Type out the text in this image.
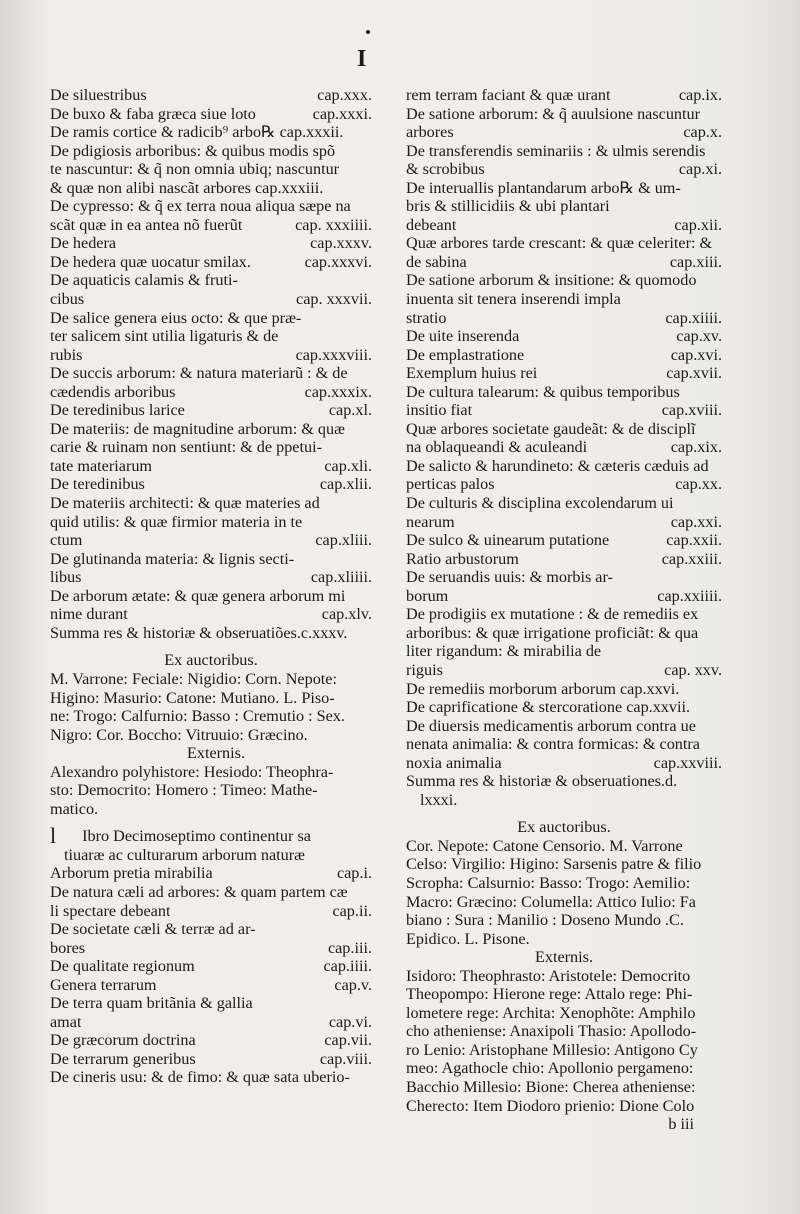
I
De siluestribus	cap.xxx.
De buxo & faba græca siue loto	cap.xxxi.
De ramis cortice & radicib⁹ arbo℞ cap.xxxii.
De pdigiosis arboribus: & quibus modis spõ
te nascuntur: & q̃ non omnia ubiq; nascuntur
& quæ non alibi nascãt arbores cap.xxxiii.
De cypresso: & q̃ ex terra noua aliqua sæpe na
scãt quæ in ea antea nõ fuerũt	cap. xxxiiii.
De hedera	cap.xxxv.
De hedera quæ uocatur smilax.	cap.xxxvi.
De aquaticis calamis & fruti-
cibus	cap. xxxvii.
De salice genera eius octo: & que præ-
ter salicem sint utilia ligaturis & de
rubis	cap.xxxviii.
De succis arborum: & natura materiarũ : & de
cædendis arboribus	cap.xxxix.
De teredinibus larice	cap.xl.
De materiis: de magnitudine arborum: & quæ
carie & ruinam non sentiunt: & de ppetui-
tate materiarum	cap.xli.
De teredinibus	cap.xlii.
De materiis architecti: & quæ materies ad
quid utilis: & quæ firmior materia in te
ctum	cap.xliii.
De glutinanda materia: & lignis secti-
libus	cap.xliiii.
De arborum ætate: & quæ genera arborum mi
nime durant	cap.xlv.
Summa res & historiæ & obseruatiões.c.xxxv.
Ex auctoribus.
M. Varrone: Feciale: Nigidio: Corn. Nepote:
Higino: Masurio: Catone: Mutiano. L. Piso-
ne: Trogo: Calfurnio: Basso : Cremutio : Sex.
Nigro: Cor. Boccho: Vitruuio: Græcino.
Externis.
Alexandro polyhistore: Hesiodo: Theophra-
sto: Democrito: Homero : Timeo: Mathe-
matico.
l	Ibro Decimoseptimo continentur sa
tiuaræ ac culturarum arborum naturæ
Arborum pretia mirabilia	cap.i.
De natura cæli ad arbores: & quam partem cæ
li spectare debeant	cap.ii.
De societate cæli & terræ ad ar-
bores	cap.iii.
De qualitate regionum	cap.iiii.
Genera terrarum	cap.v.
De terra quam britãnia & gallia
amat	cap.vi.
De græcorum doctrina	cap.vii.
De terrarum generibus	cap.viii.
De cineris usu: & de fimo: & quæ sata uberio-
rem terram faciant & quæ urant	cap.ix.
De satione arborum: & q̃ auulsione nascuntur
arbores	cap.x.
De transferendis seminariis : & ulmis serendis
& scrobibus	cap.xi.
De interuallis plantandarum arbo℞ & um-
bris & stillicidiis & ubi plantari
debeant	cap.xii.
Quæ arbores tarde crescant: & quæ celeriter: &
de sabina	cap.xiii.
De satione arborum & insitione: & quomodo
inuenta sit tenera inserendi impla
stratio	cap.xiiii.
De uite inserenda	cap.xv.
De emplastratione	cap.xvi.
Exemplum huius rei	cap.xvii.
De cultura talearum: & quibus temporibus
insitio fiat	cap.xviii.
Quæ arbores societate gaudeãt: & de disciplĩ
na oblaqueandi & aculeandi	cap.xix.
De salicto & harundineto: & cæteris cæduis ad
perticas palos	cap.xx.
De culturis & disciplina excolendarum ui
nearum	cap.xxi.
De sulco & uinearum putatione	cap.xxii.
Ratio arbustorum	cap.xxiii.
De seruandis uuis: & morbis ar-
borum	cap.xxiiii.
De prodigiis ex mutatione : & de remediis ex
arboribus: & quæ irrigatione proficiãt: & qua
liter rigandum: & mirabilia de
riguis	cap. xxv.
De remediis morborum arborum cap.xxvi.
De caprificatione & stercoratione cap.xxvii.
De diuersis medicamentis arborum contra ue
nenata animalia: & contra formicas: & contra
noxia animalia	cap.xxviii.
Summa res & historiæ & obseruationes.d.
lxxxi.
Ex auctoribus.
Cor. Nepote: Catone Censorio. M. Varrone
Celso: Virgilio: Higino: Sarsenis patre & filio
Scropha: Calsurnio: Basso: Trogo: Aemilio:
Macro: Græcino: Columella: Attico Iulio: Fa
biano : Sura : Manilio : Doseno Mundo .C.
Epidico. L. Pisone.
Externis.
Isidoro: Theophrasto: Aristotele: Democrito
Theopompo: Hierone rege: Attalo rege: Phi-
lometere rege: Archita: Xenophõte: Amphilo
cho atheniense: Anaxipoli Thasio: Apollodo-
ro Lenio: Aristophane Millesio: Antigono Cy
meo: Agathocle chio: Apollonio pergameno:
Bacchio Millesio: Bione: Cherea atheniense:
Cherecto: Item Diodoro prienio: Dione Colo
b iii
